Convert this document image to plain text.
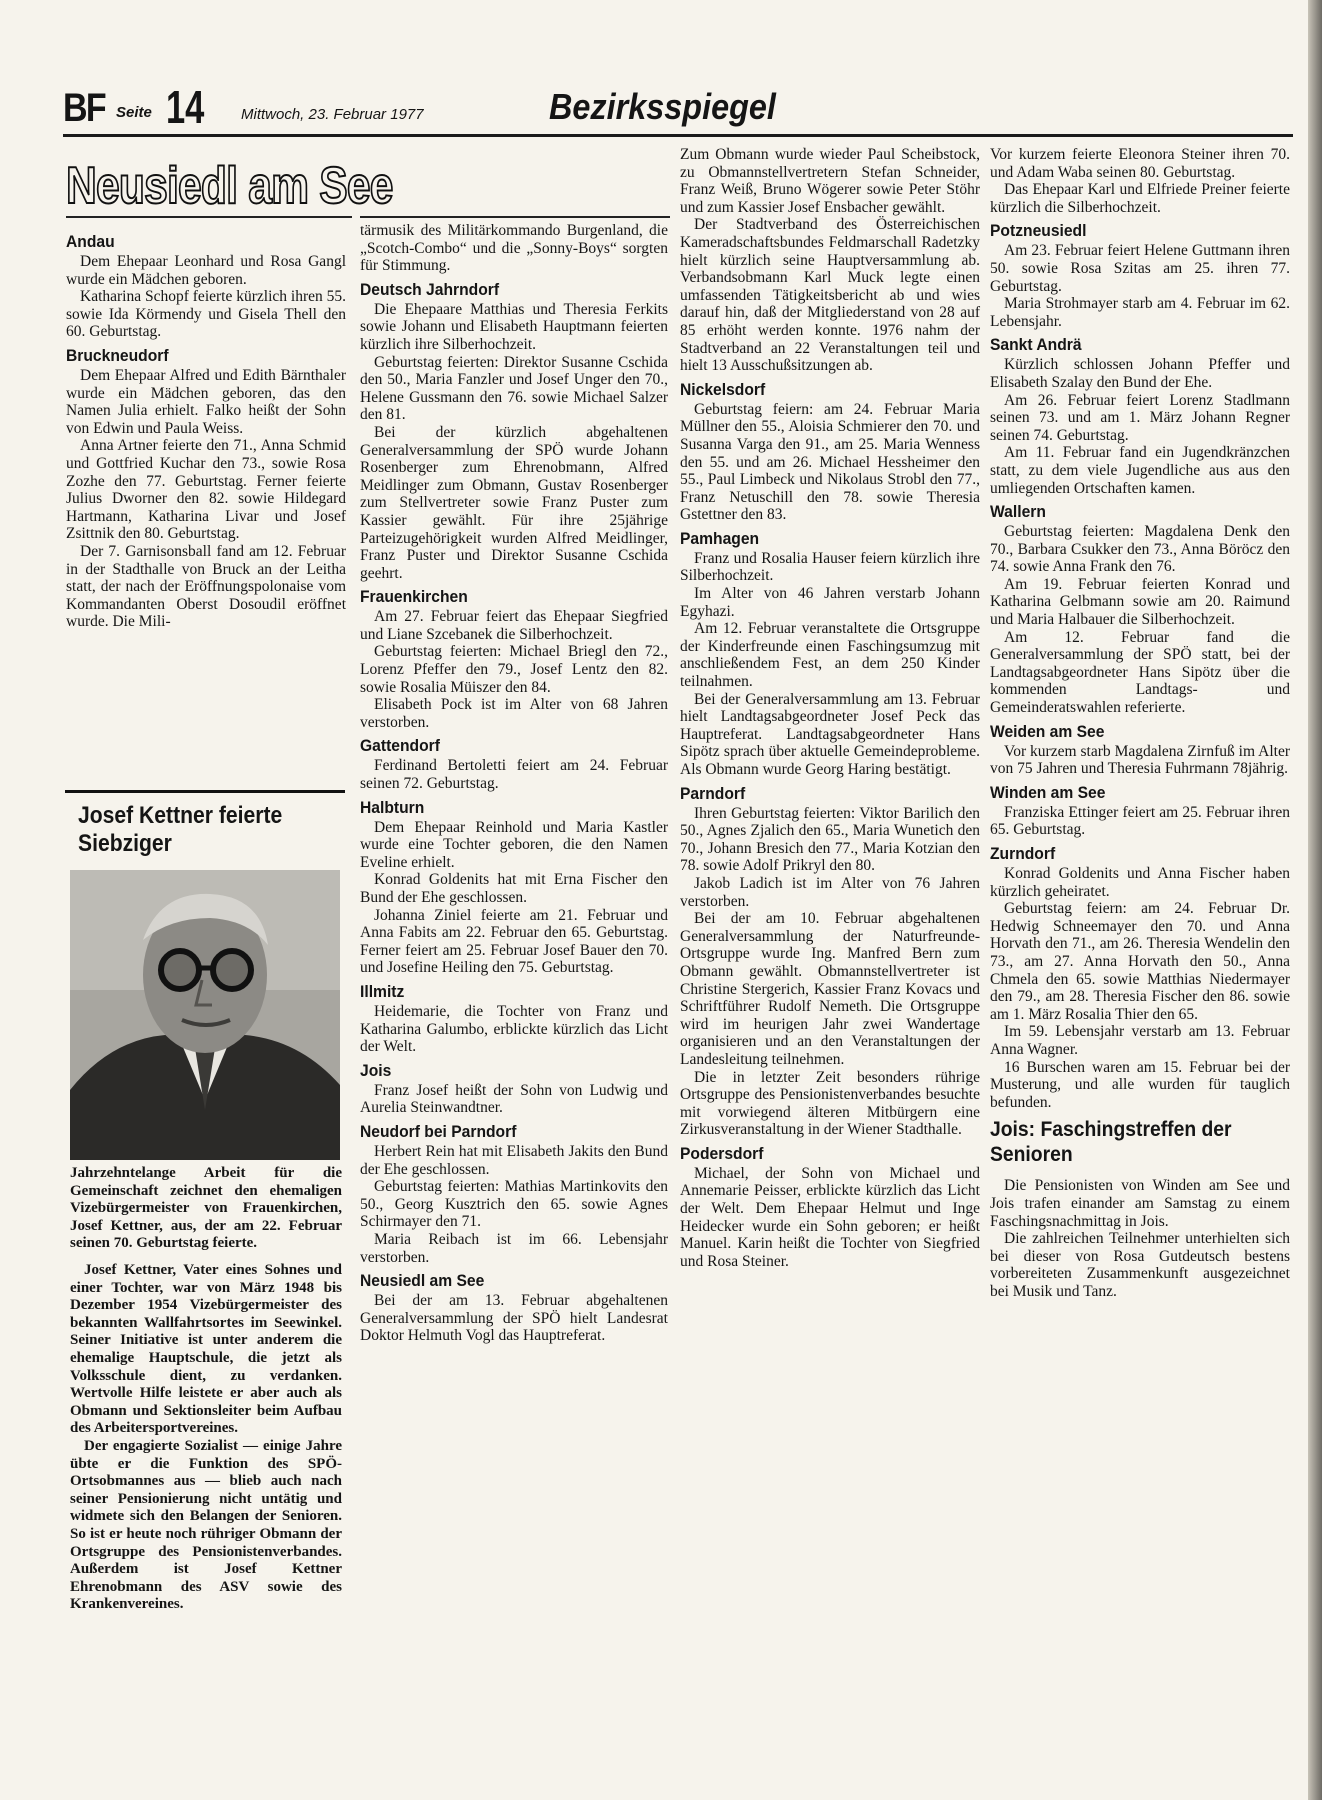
BF Seite 14 Mittwoch, 23. Februar 1977	Bezirksspiegel
Neusiedl am See
Andau

Dem Ehepaar Leonhard und Rosa Gangl wurde ein Mädchen geboren.

Katharina Schopf feierte kürzlich ihren 55. sowie Ida Körmendy und Gisela Thell den 60. Geburtstag.

Bruckneudorf

Dem Ehepaar Alfred und Edith Bärnthaler wurde ein Mädchen geboren, das den Namen Julia erhielt. Falko heißt der Sohn von Edwin und Paula Weiss.

Anna Artner feierte den 71., Anna Schmid und Gottfried Kuchar den 73., sowie Rosa Zozhe den 77. Geburtstag. Ferner feierte Julius Dworner den 82. sowie Hildegard Hartmann, Katharina Livar und Josef Zsittnik den 80. Geburtstag.

Der 7. Garnisonsball fand am 12. Februar in der Stadthalle von Bruck an der Leitha statt, der nach der Eröffnungspolonaise vom Kommandanten Oberst Dosoudil eröffnet wurde. Die Mili-

Josef Kettner feierte Siebziger
Jahrzehntelange Arbeit für die Gemeinschaft zeichnet den ehemaligen Vizebürgermeister von Frauenkirchen, Josef Kettner, aus, der am 22. Februar seinen 70. Geburtstag feierte.

Josef Kettner, Vater eines Sohnes und einer Tochter, war von März 1948 bis Dezember 1954 Vizebürgermeister des bekannten Wallfahrtsortes im Seewinkel. Seiner Initiative ist unter anderem die ehemalige Hauptschule, die jetzt als Volksschule dient, zu verdanken. Wertvolle Hilfe leistete er aber auch als Obmann und Sektionsleiter beim Aufbau des Arbeitersportvereines.

Der engagierte Sozialist — einige Jahre übte er die Funktion des SPÖ-Ortsobmannes aus — blieb auch nach seiner Pensionierung nicht untätig und widmete sich den Belangen der Senioren. So ist er heute noch rühriger Obmann der Ortsgruppe des Pensionistenverbandes. Außerdem ist Josef Kettner Ehrenobmann des ASV sowie des Krankenvereines.

tärmusik des Militärkommando Burgenland, die „Scotch-Combo“ und die „Sonny-Boys“ sorgten für Stimmung.

Deutsch Jahrndorf

Die Ehepaare Matthias und Theresia Ferkits sowie Johann und Elisabeth Hauptmann feierten kürzlich ihre Silberhochzeit.

Geburtstag feierten: Direktor Susanne Cschida den 50., Maria Fanzler und Josef Unger den 70., Helene Gussmann den 76. sowie Michael Salzer den 81.

Bei der kürzlich abgehaltenen Generalversammlung der SPÖ wurde Johann Rosenberger zum Ehrenobmann, Alfred Meidlinger zum Obmann, Gustav Rosenberger zum Stellvertreter sowie Franz Puster zum Kassier gewählt. Für ihre 25jährige Parteizugehörigkeit wurden Alfred Meidlinger, Franz Puster und Direktor Susanne Cschida geehrt.

Frauenkirchen

Am 27. Februar feiert das Ehepaar Siegfried und Liane Szcebanek die Silberhochzeit.

Geburtstag feierten: Michael Briegl den 72., Lorenz Pfeffer den 79., Josef Lentz den 82. sowie Rosalia Müiszer den 84.

Elisabeth Pock ist im Alter von 68 Jahren verstorben.

Gattendorf

Ferdinand Bertoletti feiert am 24. Februar seinen 72. Geburtstag.

Halbturn

Dem Ehepaar Reinhold und Maria Kastler wurde eine Tochter geboren, die den Namen Eveline erhielt.

Konrad Goldenits hat mit Erna Fischer den Bund der Ehe geschlossen.

Johanna Ziniel feierte am 21. Februar und Anna Fabits am 22. Februar den 65. Geburtstag. Ferner feiert am 25. Februar Josef Bauer den 70. und Josefine Heiling den 75. Geburtstag.

Illmitz

Heidemarie, die Tochter von Franz und Katharina Galumbo, erblickte kürzlich das Licht der Welt.

Jois

Franz Josef heißt der Sohn von Ludwig und Aurelia Steinwandtner.

Neudorf bei Parndorf

Herbert Rein hat mit Elisabeth Jakits den Bund der Ehe geschlossen.

Geburtstag feierten: Mathias Martinkovits den 50., Georg Kusztrich den 65. sowie Agnes Schirmayer den 71.

Maria Reibach ist im 66. Lebensjahr verstorben.

Neusiedl am See

Bei der am 13. Februar abgehaltenen Generalversammlung der SPÖ hielt Landesrat Doktor Helmuth Vogl das Hauptreferat.

Zum Obmann wurde wieder Paul Scheibstock, zu Obmannstellvertretern Stefan Schneider, Franz Weiß, Bruno Wögerer sowie Peter Stöhr und zum Kassier Josef Ensbacher gewählt.

Der Stadtverband des Österreichischen Kameradschaftsbundes Feldmarschall Radetzky hielt kürzlich seine Hauptversammlung ab. Verbandsobmann Karl Muck legte einen umfassenden Tätigkeitsbericht ab und wies darauf hin, daß der Mitgliederstand von 28 auf 85 erhöht werden konnte. 1976 nahm der Stadtverband an 22 Veranstaltungen teil und hielt 13 Ausschußsitzungen ab.

Nickelsdorf

Geburtstag feiern: am 24. Februar Maria Müllner den 55., Aloisia Schmierer den 70. und Susanna Varga den 91., am 25. Maria Wenness den 55. und am 26. Michael Hessheimer den 55., Paul Limbeck und Nikolaus Strobl den 77., Franz Netuschill den 78. sowie Theresia Gstettner den 83.

Pamhagen

Franz und Rosalia Hauser feiern kürzlich ihre Silberhochzeit.

Im Alter von 46 Jahren verstarb Johann Egyhazi.

Am 12. Februar veranstaltete die Ortsgruppe der Kinderfreunde einen Faschingsumzug mit anschließendem Fest, an dem 250 Kinder teilnahmen.

Bei der Generalversammlung am 13. Februar hielt Landtagsabgeordneter Josef Peck das Hauptreferat. Landtagsabgeordneter Hans Sipötz sprach über aktuelle Gemeindeprobleme. Als Obmann wurde Georg Haring bestätigt.

Parndorf

Ihren Geburtstag feierten: Viktor Barilich den 50., Agnes Zjalich den 65., Maria Wunetich den 70., Johann Bresich den 77., Maria Kotzian den 78. sowie Adolf Prikryl den 80.

Jakob Ladich ist im Alter von 76 Jahren verstorben.

Bei der am 10. Februar abgehaltenen Generalversammlung der Naturfreunde-Ortsgruppe wurde Ing. Manfred Bern zum Obmann gewählt. Obmannstellvertreter ist Christine Stergerich, Kassier Franz Kovacs und Schriftführer Rudolf Nemeth. Die Ortsgruppe wird im heurigen Jahr zwei Wandertage organisieren und an den Veranstaltungen der Landesleitung teilnehmen.

Die in letzter Zeit besonders rührige Ortsgruppe des Pensionistenverbandes besuchte mit vorwiegend älteren Mitbürgern eine Zirkusveranstaltung in der Wiener Stadthalle.

Podersdorf

Michael, der Sohn von Michael und Annemarie Peisser, erblickte kürzlich das Licht der Welt. Dem Ehepaar Helmut und Inge Heidecker wurde ein Sohn geboren; er heißt Manuel. Karin heißt die Tochter von Siegfried und Rosa Steiner.

Vor kurzem feierte Eleonora Steiner ihren 70. und Adam Waba seinen 80. Geburtstag.

Das Ehepaar Karl und Elfriede Preiner feierte kürzlich die Silberhochzeit.

Potzneusiedl

Am 23. Februar feiert Helene Guttmann ihren 50. sowie Rosa Szitas am 25. ihren 77. Geburtstag.

Maria Strohmayer starb am 4. Februar im 62. Lebensjahr.

Sankt Andrä

Kürzlich schlossen Johann Pfeffer und Elisabeth Szalay den Bund der Ehe.

Am 26. Februar feiert Lorenz Stadlmann seinen 73. und am 1. März Johann Regner seinen 74. Geburtstag.

Am 11. Februar fand ein Jugendkränzchen statt, zu dem viele Jugendliche aus aus den umliegenden Ortschaften kamen.

Wallern

Geburtstag feierten: Magdalena Denk den 70., Barbara Csukker den 73., Anna Böröcz den 74. sowie Anna Frank den 76.

Am 19. Februar feierten Konrad und Katharina Gelbmann sowie am 20. Raimund und Maria Halbauer die Silberhochzeit.

Am 12. Februar fand die Generalversammlung der SPÖ statt, bei der Landtagsabgeordneter Hans Sipötz über die kommenden Landtags- und Gemeinderatswahlen referierte.

Weiden am See

Vor kurzem starb Magdalena Zirnfuß im Alter von 75 Jahren und Theresia Fuhrmann 78jährig.

Winden am See

Franziska Ettinger feiert am 25. Februar ihren 65. Geburtstag.

Zurndorf

Konrad Goldenits und Anna Fischer haben kürzlich geheiratet.

Geburtstag feiern: am 24. Februar Dr. Hedwig Schneemayer den 70. und Anna Horvath den 71., am 26. Theresia Wendelin den 73., am 27. Anna Horvath den 50., Anna Chmela den 65. sowie Matthias Niedermayer den 79., am 28. Theresia Fischer den 86. sowie am 1. März Rosalia Thier den 65.

Im 59. Lebensjahr verstarb am 13. Februar Anna Wagner.

16 Burschen waren am 15. Februar bei der Musterung, und alle wurden für tauglich befunden.

Jois: Faschingstreffen der Senioren

Die Pensionisten von Winden am See und Jois trafen einander am Samstag zu einem Faschingsnachmittag in Jois.

Die zahlreichen Teilnehmer unterhielten sich bei dieser von Rosa Gutdeutsch bestens vorbereiteten Zusammenkunft ausgezeichnet bei Musik und Tanz.
